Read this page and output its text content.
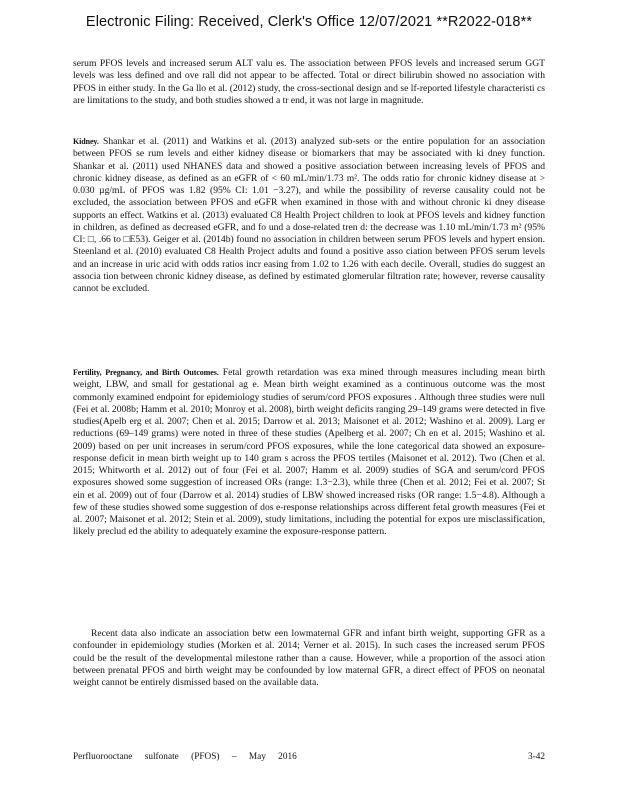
Electronic Filing: Received, Clerk's Office 12/07/2021 **R2022-018**

serum PFOS levels and increased serum ALT valu es. The association between PFOS levels and increased serum GGT levels was less defined and ove rall did not appear to be affected. Total or direct bilirubin showed no association with PFOS in either study. In the Ga llo et al. (2012) study, the cross-sectional design and se lf-reported lifestyle characteristi cs are limitations to the study, and both studies showed a tr end, it was not large in magnitude.

Kidney. Shankar et al. (2011) and Watkins et al. (2013) analyzed sub-sets or the entire population for an association between PFOS se rum levels and either kidney disease or biomarkers that may be associated with ki dney function. Shankar et al. (2011) used NHANES data and showed a positive association between increasing levels of PFOS and chronic kidney disease, as defined as an eGFR of < 60 mL/min/1.73 m². The odds ratio for chronic kidney disease at > 0.030 µg/mL of PFOS was 1.82 (95% CI: 1.01 −3.27), and while the possibility of reverse causality could not be excluded, the association between PFOS and eGFR when examined in those with and without chronic ki dney disease supports an effect. Watkins et al. (2013) evaluated C8 Health Project children to look at PFOS levels and kidney function in children, as defined as decreased eGFR, and fo und a dose-related tren d: the decrease was 1.10 mL/min/1.73 m² (95% CI: □, .66 to □E53). Geiger et al. (2014b) found no association in children between serum PFOS levels and hypert ension. Steenland et al. (2010) evaluated C8 Health Project adults and found a positive asso ciation between PFOS serum levels and an increase in uric acid with odds ratios incr easing from 1.02 to 1.26 with each decile. Overall, studies do suggest an associa tion between chronic kidney disease, as defined by estimated glomerular filtration rate; however, reverse causality cannot be excluded.

Fertility, Pregnancy, and Birth Outcomes. Fetal growth retardation was exa mined through measures including mean birth weight, LBW, and small for gestational ag e. Mean birth weight examined as a continuous outcome was the most commonly examined endpoint for epidemiology studies of serum/cord PFOS exposures . Although three studies were null (Fei et al. 2008b; Hamm et al. 2010; Monroy et al. 2008), birth weight deficits ranging 29–149 grams were detected in five studies(Apelb erg et al. 2007; Chen et al. 2015; Darrow et al. 2013; Maisonet et al. 2012; Washino et al. 2009). Larg er reductions (69–149 grams) were noted in three of these studies (Apelberg et al. 2007; Ch en et al. 2015; Washino et al. 2009) based on per unit increases in serum/cord PFOS exposures, while the lone categorical data showed an exposure-response deficit in mean birth weight up to 140 gram s across the PFOS tertiles (Maisonet et al. 2012). Two (Chen et al. 2015; Whitworth et al. 2012) out of four (Fei et al. 2007; Hamm et al. 2009) studies of SGA and serum/cord PFOS exposures showed some suggestion of increased ORs (range: 1.3−2.3), while three (Chen et al. 2012; Fei et al. 2007; St ein et al. 2009) out of four (Darrow et al. 2014) studies of LBW showed increased risks (OR range: 1.5−4.8). Although a few of these studies showed some suggestion of dos e-response relationships across different fetal growth measures (Fei et al. 2007; Maisonet et al. 2012; Stein et al. 2009), study limitations, including the potential for expos ure misclassification, likely preclud ed the ability to adequately examine the exposure-response pattern.

Recent data also indicate an association betw een lowmaternal GFR and infant birth weight, supporting GFR as a confounder in epidemiology studies (Morken et al. 2014; Verner et al. 2015). In such cases the increased serum PFOS could be the result of the developmental milestone rather than a cause. However, while a proportion of the associ ation between prenatal PFOS and birth weight may be confounded by low maternal GFR, a direct effect of PFOS on neonatal weight cannot be entirely dismissed based on the available data.

Perfluorooctane sulfonate (PFOS) – May 2016	3-42
